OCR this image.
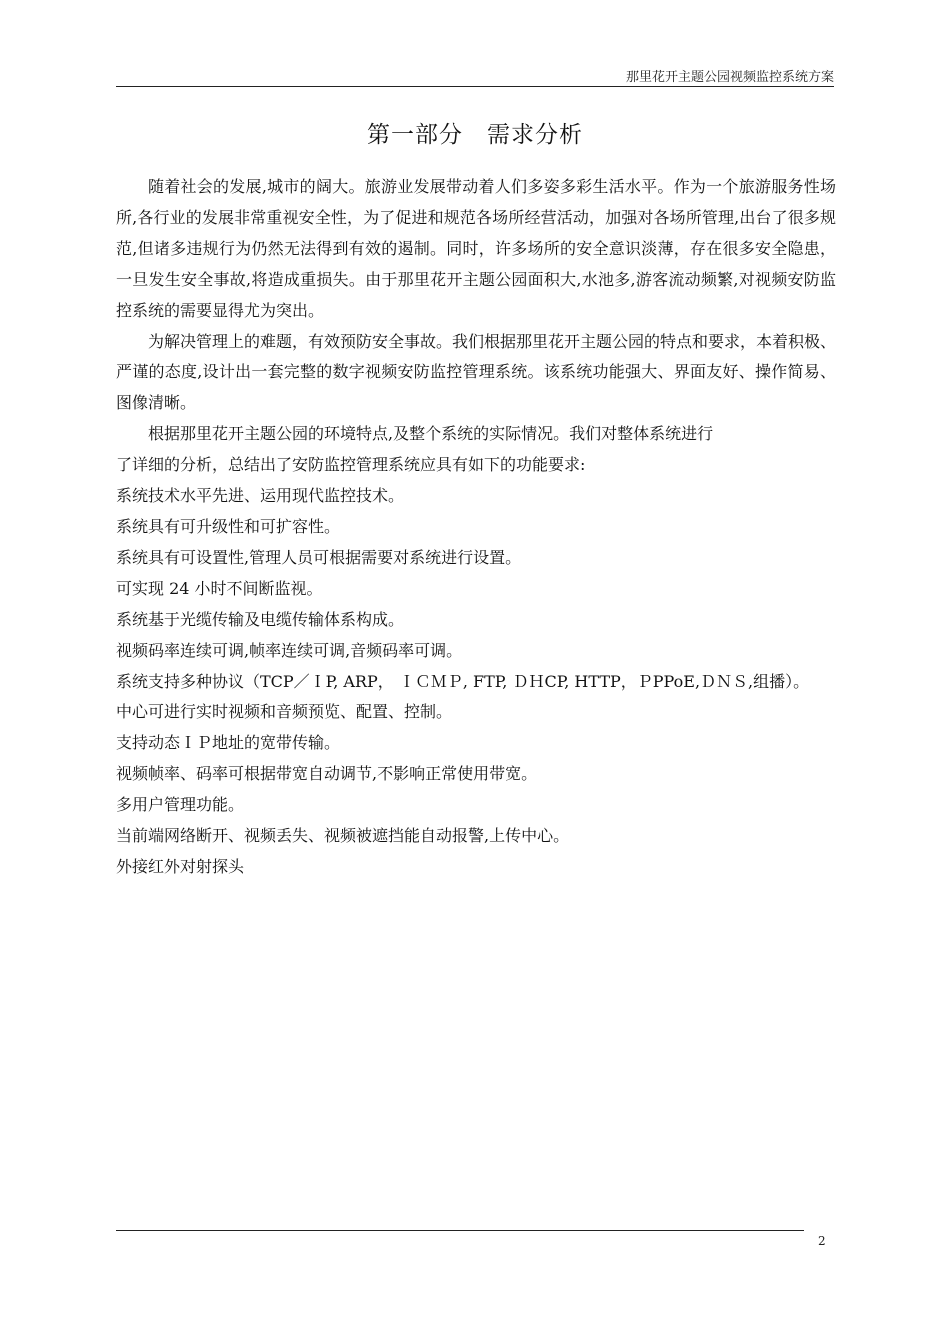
那里花开主题公园视频监控系统方案
第一部分 需求分析

随着社会的发展,城市的阔大。旅游业发展带动着人们多姿多彩生活水平。作为一个旅游服务性场所,各行业的发展非常重视安全性，为了促进和规范各场所经营活动，加强对各场所管理,出台了很多规范,但诸多违规行为仍然无法得到有效的遏制。同时，许多场所的安全意识淡薄，存在很多安全隐患，一旦发生安全事故,将造成重损失。由于那里花开主题公园面积大,水池多,游客流动频繁,对视频安防监控系统的需要显得尤为突出。

为解决管理上的难题，有效预防安全事故。我们根据那里花开主题公园的特点和要求，本着积极、严谨的态度,设计出一套完整的数字视频安防监控管理系统。该系统功能强大、界面友好、操作简易、图像清晰。

根据那里花开主题公园的环境特点,及整个系统的实际情况。我们对整体系统进行
了详细的分析，总结出了安防监控管理系统应具有如下的功能要求:

系统技术水平先进、运用现代监控技术。

系统具有可升级性和可扩容性。

系统具有可设置性,管理人员可根据需要对系统进行设置。

可实现 24 小时不间断监视。

系统基于光缆传输及电缆传输体系构成。

视频码率连续可调,帧率连续可调,音频码率可调。

系统支持多种协议（TCP／ＩP, ARP， ＩＣＭＰ, FTP, ＤＨCP, HTTP，ＰPPoE,ＤＮＳ,组播）。

中心可进行实时视频和音频预览、配置、控制。

支持动态ＩＰ地址的宽带传输。

视频帧率、码率可根据带宽自动调节,不影响正常使用带宽。

多用户管理功能。

当前端网络断开、视频丢失、视频被遮挡能自动报警,上传中心。

外接红外对射探头

2
